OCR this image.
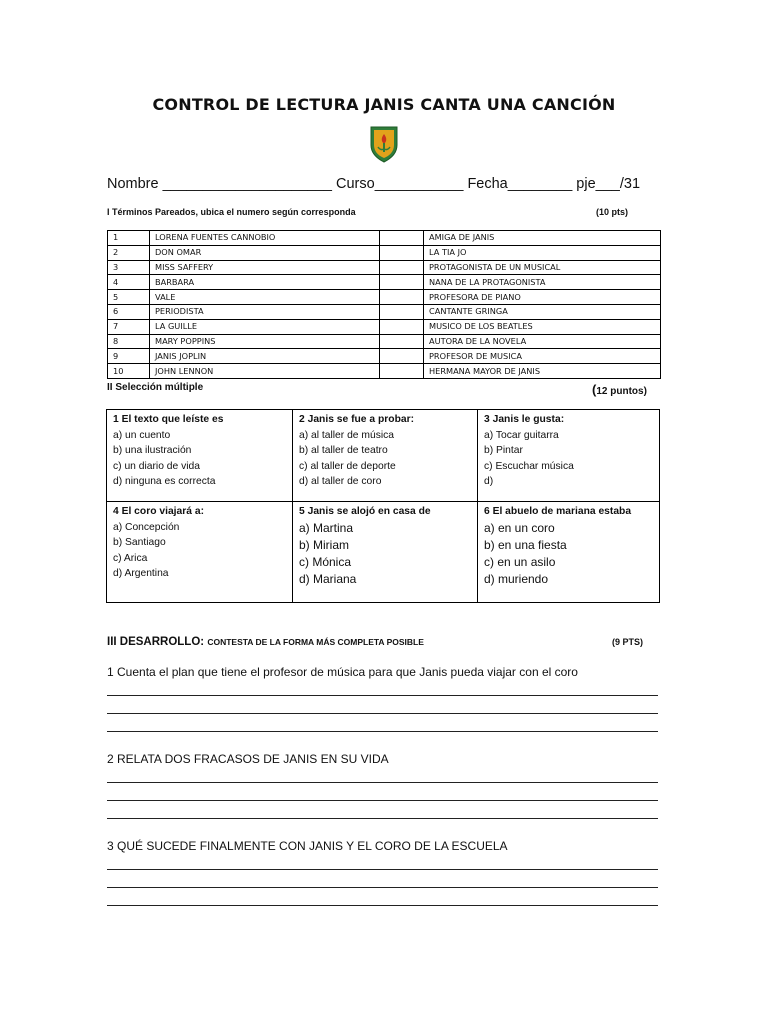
CONTROL DE LECTURA JANIS CANTA UNA CANCIÓN
Nombre _____________________ Curso___________ Fecha________ pje___/31
I Términos Pareados, ubica el numero según corresponda	(10 pts)
1	LORENA FUENTES CANNOBIO		AMIGA DE JANIS
2	DON OMAR		LA TIA JO
3	MISS SAFFERY		PROTAGONISTA DE UN MUSICAL
4	BARBARA		NANA DE LA PROTAGONISTA
5	VALE		PROFESORA DE PIANO
6	PERIODISTA		CANTANTE GRINGA
7	LA GUILLE		MUSICO DE LOS BEATLES
8	MARY POPPINS		AUTORA DE LA NOVELA
9	JANIS JOPLIN		PROFESOR DE MUSICA
10	JOHN LENNON		HERMANA MAYOR DE JANIS
II Selección múltiple	(12 puntos)

1 El texto que leíste es

a) un cuento

b) una ilustración

c) un diario de vida

d) ninguna es correcta

2 Janis se fue a probar:

a) al taller de música

b) al taller de teatro

c) al taller de deporte

d) al taller de coro

3 Janis le gusta:

a) Tocar guitarra

b) Pintar

c) Escuchar música

d)

4 El coro viajará a:

a) Concepción

b) Santiago

c) Arica

d) Argentina

5 Janis se alojó en casa de

a) Martina

b) Miriam

c) Mónica

d) Mariana

6 El abuelo de mariana estaba

a) en un coro

b) en una fiesta

c) en un asilo

d) muriendo

III DESARROLLO: CONTESTA DE LA FORMA MÁS COMPLETA POSIBLE	(9 PTS)
1 Cuenta el plan que tiene el profesor de música para que Janis pueda viajar con el coro
2 RELATA DOS FRACASOS DE JANIS EN SU VIDA
3 QUÉ SUCEDE FINALMENTE CON JANIS Y EL CORO DE LA ESCUELA
